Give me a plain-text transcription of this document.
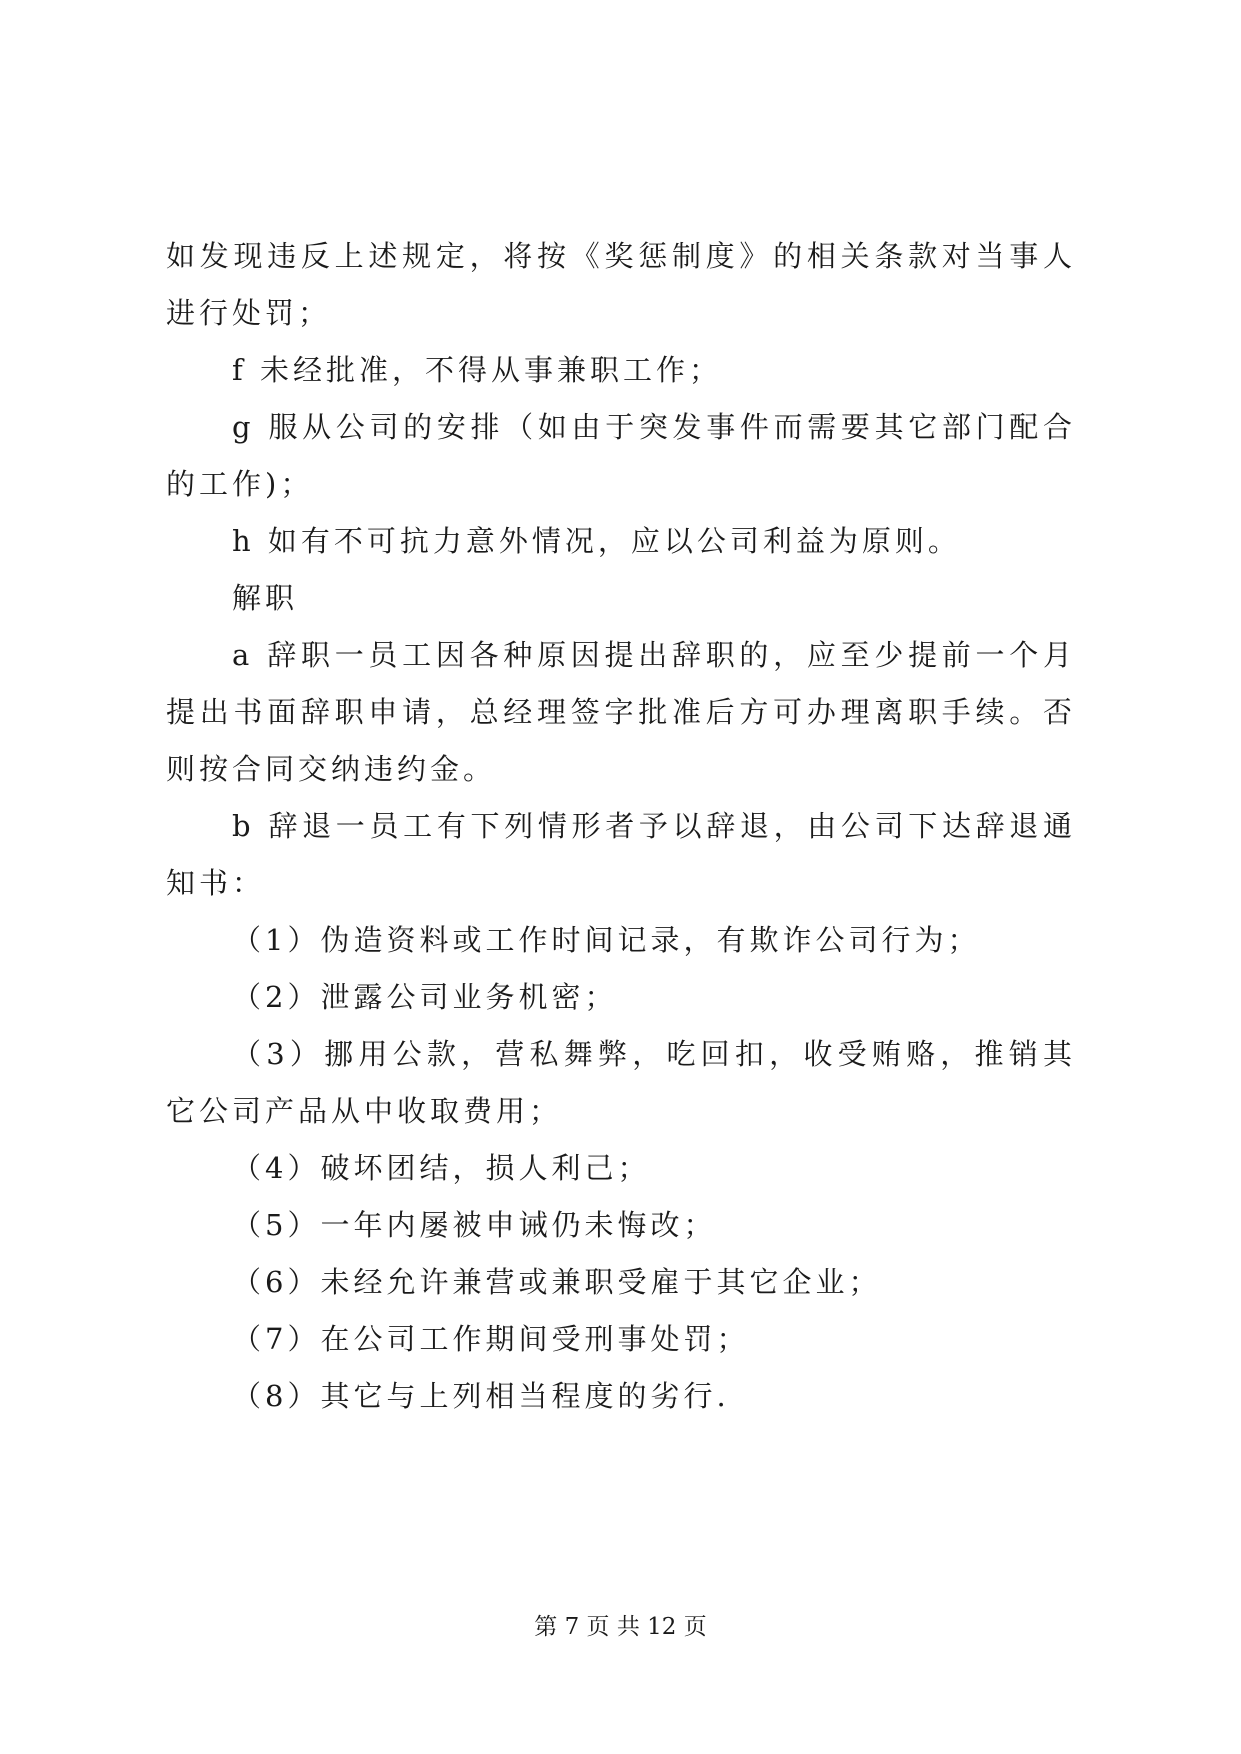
如发现违反上述规定，将按《奖惩制度》的相关条款对当事人进行处罚；

f 未经批准，不得从事兼职工作；

g 服从公司的安排（如由于突发事件而需要其它部门配合的工作)；

h 如有不可抗力意外情况，应以公司利益为原则。

解职

a 辞职一员工因各种原因提出辞职的，应至少提前一个月提出书面辞职申请，总经理签字批准后方可办理离职手续。否则按合同交纳违约金。

b 辞退一员工有下列情形者予以辞退，由公司下达辞退通知书：

（1）伪造资料或工作时间记录，有欺诈公司行为；

（2）泄露公司业务机密；

（3）挪用公款，营私舞弊，吃回扣，收受贿赂，推销其它公司产品从中收取费用；

（4）破坏团结，损人利己；

（5）一年内屡被申诫仍未悔改；

（6）未经允许兼营或兼职受雇于其它企业；

（7）在公司工作期间受刑事处罚；

（8）其它与上列相当程度的劣行.

第 7 页 共 12 页
